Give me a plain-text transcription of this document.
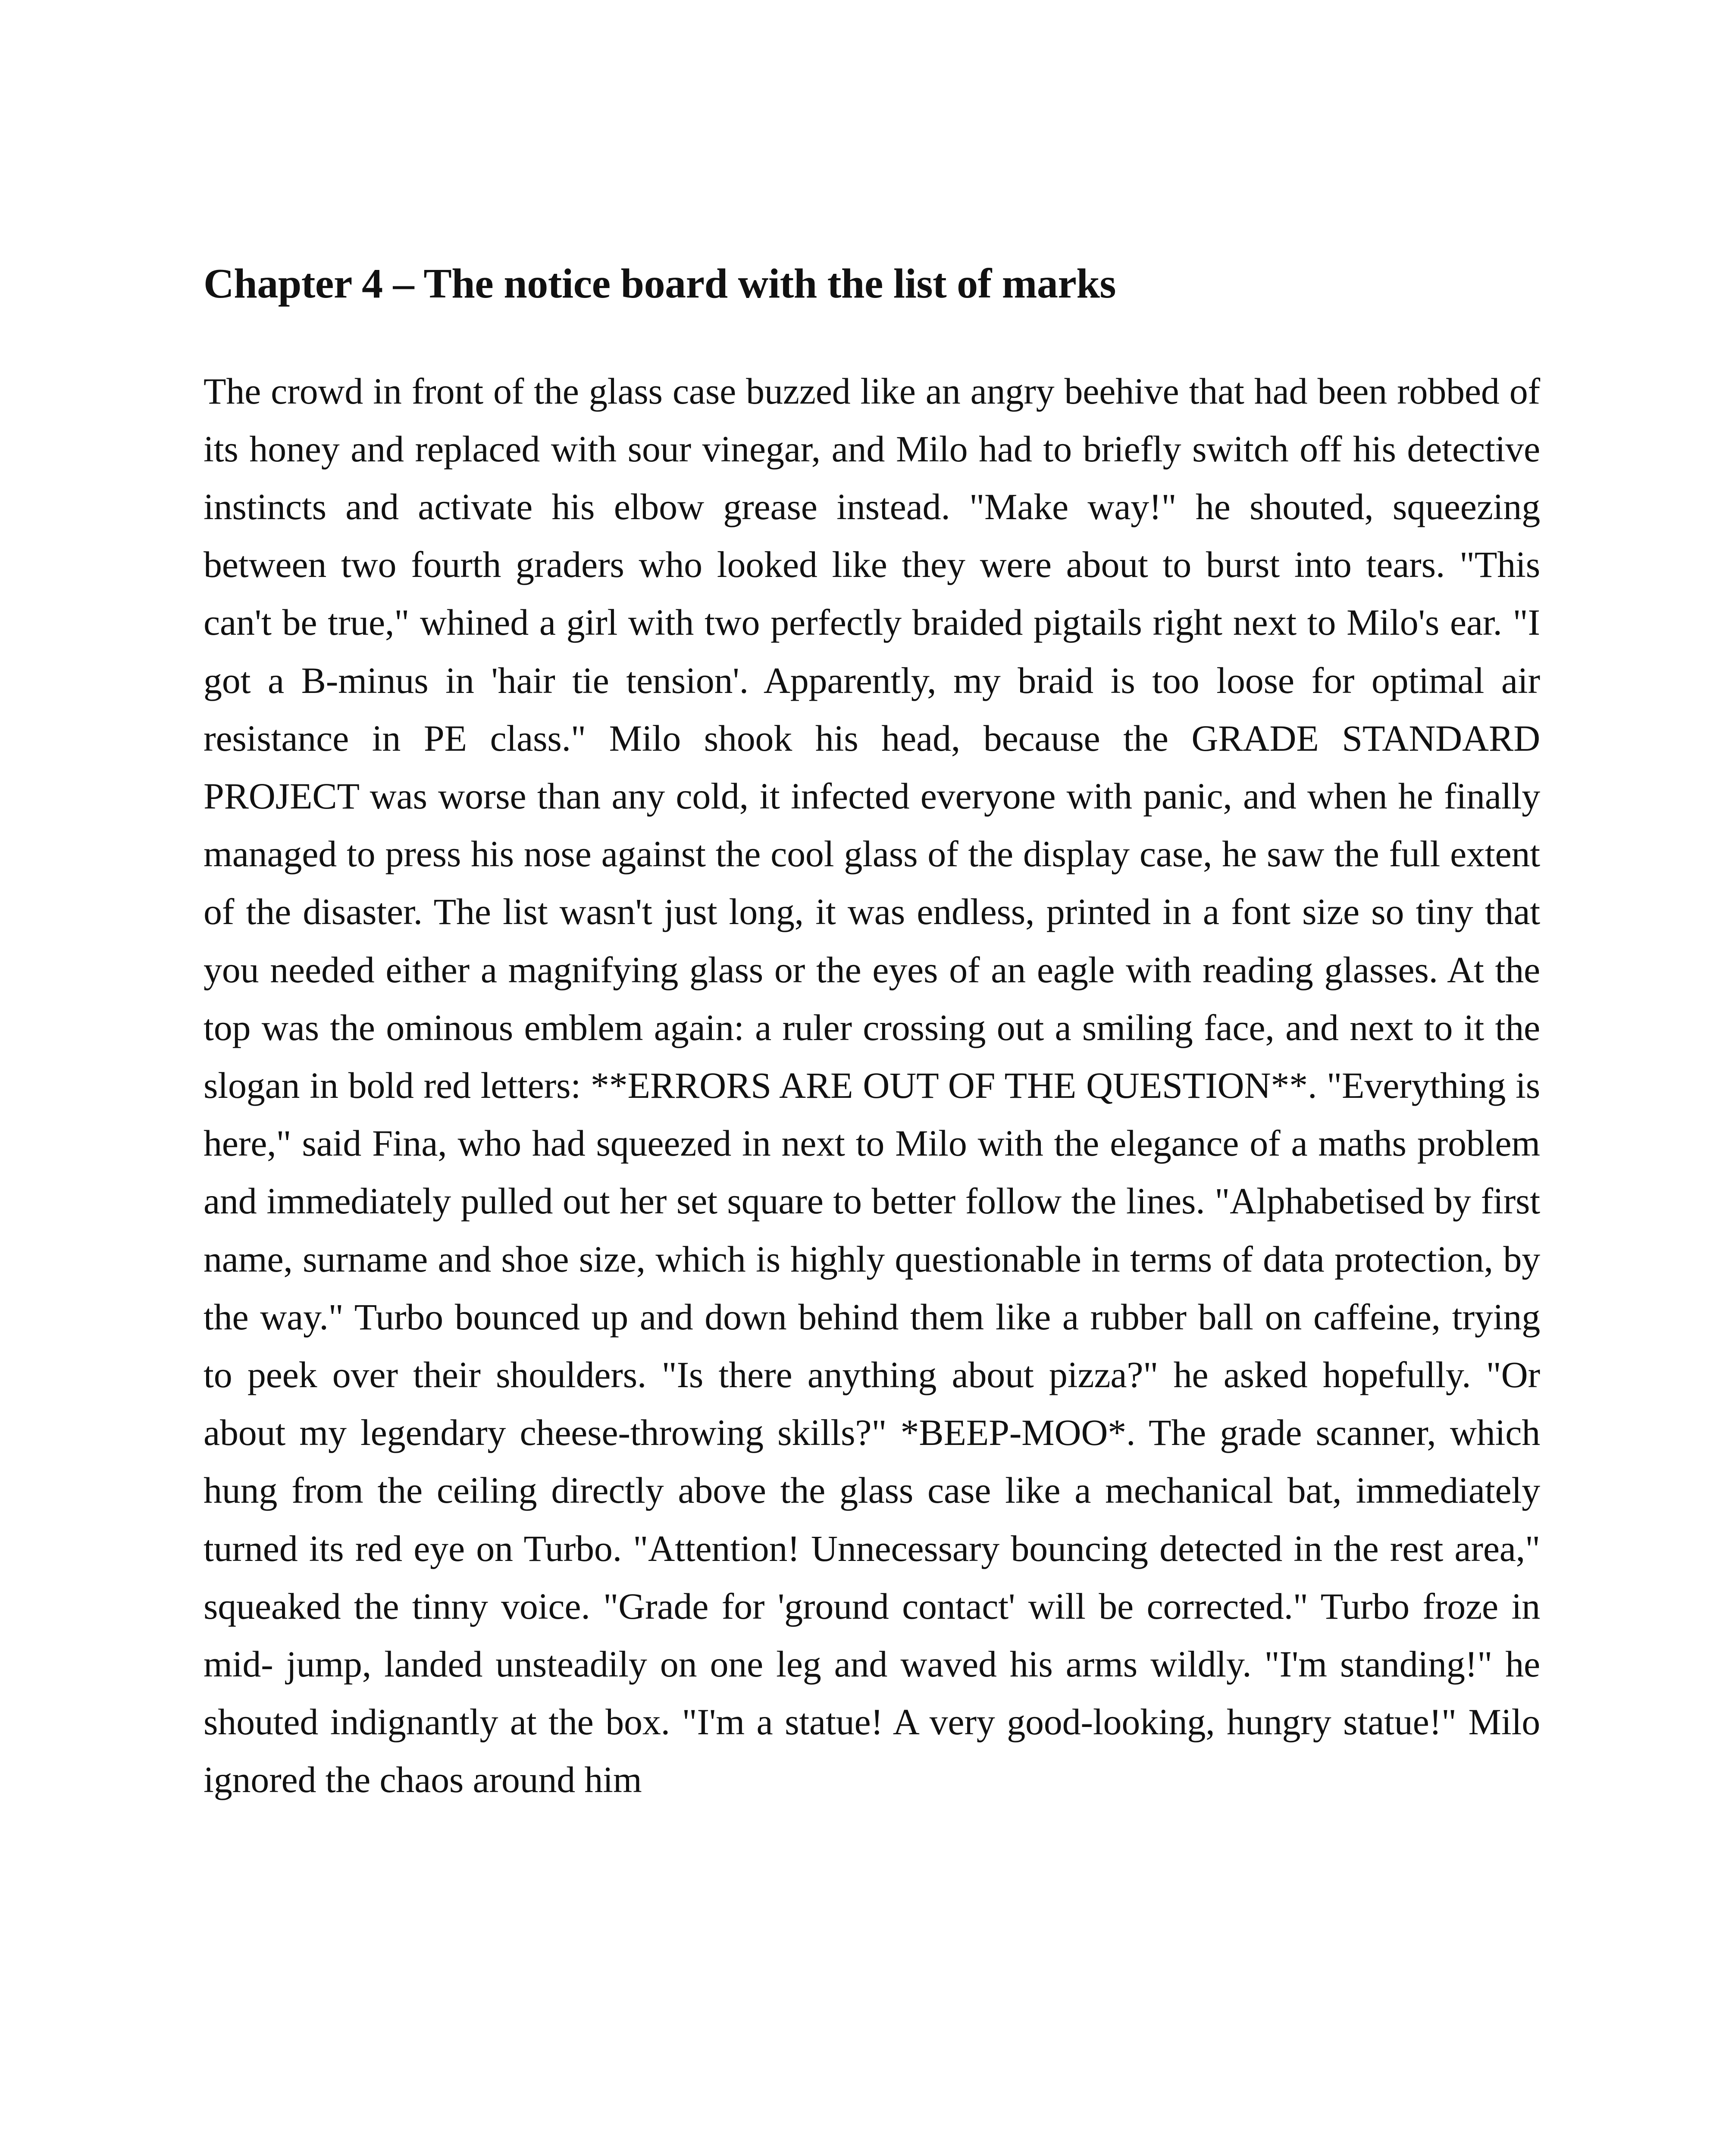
Chapter 4 – The notice board with the list of marks

The crowd in front of the glass case buzzed like an angry beehive that had been robbed of its honey and replaced with sour vinegar, and Milo had to briefly switch off his detective instincts and activate his elbow grease instead. "Make way!" he shouted, squeezing between two fourth graders who looked like they were about to burst into tears. "This can't be true," whined a girl with two perfectly braided pigtails right next to Milo's ear. "I got a B-minus in 'hair tie tension'. Apparently, my braid is too loose for optimal air resistance in PE class." Milo shook his head, because the GRADE STANDARD PROJECT was worse than any cold, it infected everyone with panic, and when he finally managed to press his nose against the cool glass of the display case, he saw the full extent of the disaster. The list wasn't just long, it was endless, printed in a font size so tiny that you needed either a magnifying glass or the eyes of an eagle with reading glasses. At the top was the ominous emblem again: a ruler crossing out a smiling face, and next to it the slogan in bold red letters: **ERRORS ARE OUT OF THE QUESTION**. "Everything is here," said Fina, who had squeezed in next to Milo with the elegance of a maths problem and immediately pulled out her set square to better follow the lines. "Alphabetised by first name, surname and shoe size, which is highly questionable in terms of data protection, by the way." Turbo bounced up and down behind them like a rubber ball on caffeine, trying to peek over their shoulders. "Is there anything about pizza?" he asked hopefully. "Or about my legendary cheese-throwing skills?" *BEEP-MOO*. The grade scanner, which hung from the ceiling directly above the glass case like a mechanical bat, immediately turned its red eye on Turbo. "Attention! Unnecessary bouncing detected in the rest area," squeaked the tinny voice. "Grade for 'ground contact' will be corrected." Turbo froze in mid- jump, landed unsteadily on one leg and waved his arms wildly. "I'm standing!" he shouted indignantly at the box. "I'm a statue! A very good-looking, hungry statue!" Milo ignored the chaos around him
